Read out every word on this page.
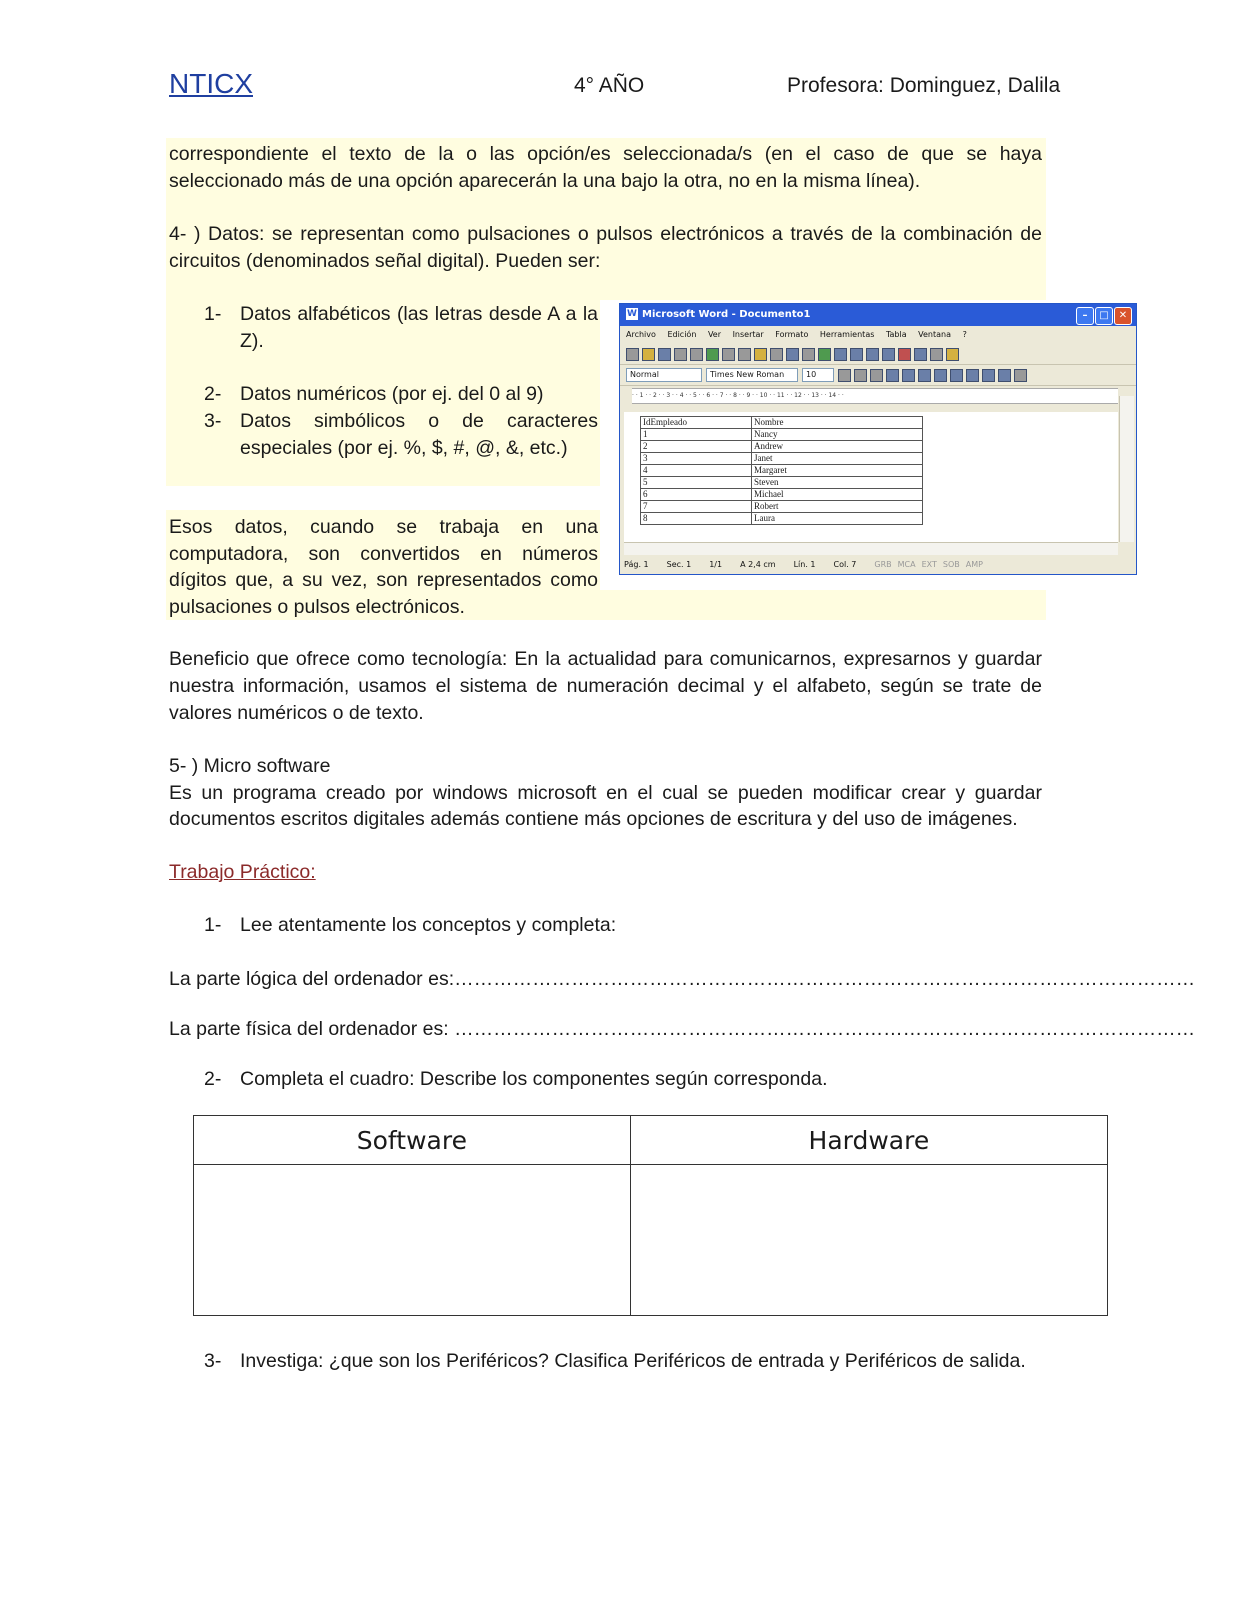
NTICX	4° AÑO	Profesora: Dominguez, Dalila
correspondiente el texto de la o las opción/es seleccionada/s (en el caso de que se haya
seleccionado más de una opción aparecerán la una bajo la otra, no en la misma línea).
4- ) Datos: se representan como pulsaciones o pulsos electrónicos a través de la combinación de
circuitos (denominados señal digital). Pueden ser:
1- Datos alfabéticos (las letras desde A a la
Z).
2- Datos numéricos (por ej. del 0 al 9)
3- Datos simbólicos o de caracteres
especiales (por ej. %, $, #, @, &, etc.)
Esos datos, cuando se trabaja en una
computadora, son convertidos en números
dígitos que, a su vez, son representados como
pulsaciones o pulsos electrónicos.
W Microsoft Word - Documento1	–	□	✕
Archivo Edición Ver Insertar Formato Herramientas Tabla Ventana ?
Normal	Times New Roman	10
· · 1 · · 2 · · 3 · · 4 · · 5 · · 6 · · 7 · · 8 · · 9 · · 10 · · 11 · · 12 · · 13 · · 14 · ·
IdEmpleado	Nombre
1	Nancy
2	Andrew
3	Janet
4	Margaret
5	Steven
6	Michael
7	Robert
8	Laura
Pág. 1 Sec. 1 1/1 A 2,4 cm Lín. 1 Col. 7 GRB MCA EXT SOB AMP
Beneficio que ofrece como tecnología: En la actualidad para comunicarnos, expresarnos y guardar
nuestra información, usamos el sistema de numeración decimal y el alfabeto, según se trate de
valores numéricos o de texto.
5- ) Micro software
Es un programa creado por windows microsoft en el cual se pueden modificar crear y guardar
documentos escritos digitales además contiene más opciones de escritura y del uso de imágenes.
Trabajo Práctico:
1- Lee atentamente los conceptos y completa:
La parte lógica del ordenador es:……………………………………………………………………………………………………
La parte física del ordenador es: ……………………………………………………………………………………………………
2- Completa el cuadro: Describe los componentes según corresponda.
Software	Hardware

3- Investiga: ¿que son los Periféricos? Clasifica Periféricos de entrada y Periféricos de salida.
